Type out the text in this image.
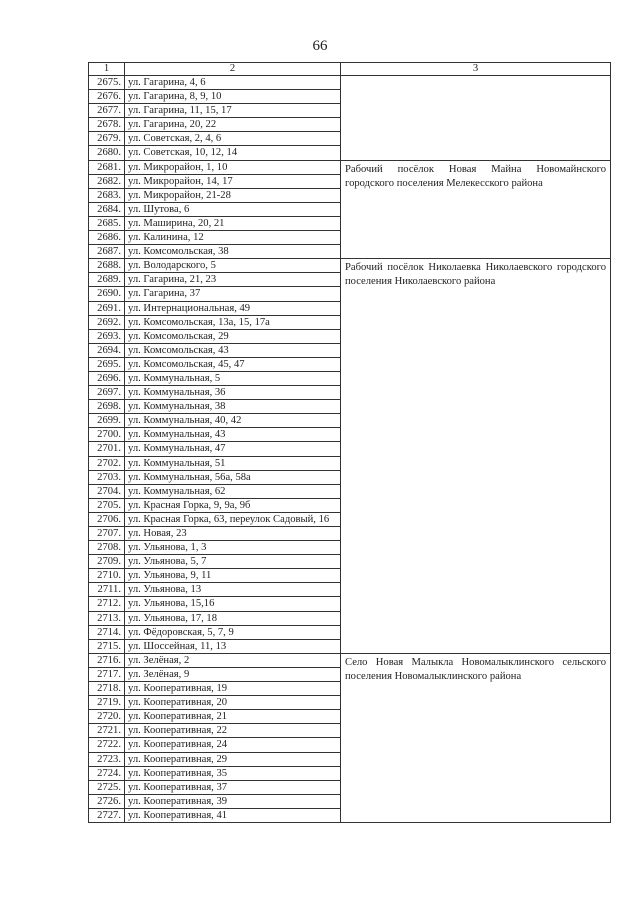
66
1	2	3
2675.	ул. Гагарина, 4, 6	
2676.	ул. Гагарина, 8, 9, 10	
2677.	ул. Гагарина, 11, 15, 17	
2678.	ул. Гагарина, 20, 22	
2679.	ул. Советская, 2, 4, 6	
2680.	ул. Советская, 10, 12, 14	
2681.	ул. Микрорайон, 1, 10	Рабочий посёлок Новая Майна Новомайнского городского поселения Мелекесского района
2682.	ул. Микрорайон, 14, 17	
2683.	ул. Микрорайон, 21-28	
2684.	ул. Шутова, 6	
2685.	ул. Маширина, 20, 21	
2686.	ул. Калинина, 12	
2687.	ул. Комсомольская, 38	
2688.	ул. Володарского, 5	Рабочий посёлок Николаевка Николаевского городского поселения Николаевского района
2689.	ул. Гагарина, 21, 23	
2690.	ул. Гагарина, 37	
2691.	ул. Интернациональная, 49	
2692.	ул. Комсомольская, 13а, 15, 17а	
2693.	ул. Комсомольская, 29	
2694.	ул. Комсомольская, 43	
2695.	ул. Комсомольская, 45, 47	
2696.	ул. Коммунальная, 5	
2697.	ул. Коммунальная, 36	
2698.	ул. Коммунальная, 38	
2699.	ул. Коммунальная, 40, 42	
2700.	ул. Коммунальная, 43	
2701.	ул. Коммунальная, 47	
2702.	ул. Коммунальная, 51	
2703.	ул. Коммунальная, 56а, 58а	
2704.	ул. Коммунальная, 62	
2705.	ул. Красная Горка, 9, 9а, 9б	
2706.	ул. Красная Горка, 63, переулок Садовый, 16	
2707.	ул. Новая, 23	
2708.	ул. Ульянова, 1, 3	
2709.	ул. Ульянова, 5, 7	
2710.	ул. Ульянова, 9, 11	
2711.	ул. Ульянова, 13	
2712.	ул. Ульянова, 15,16	
2713.	ул. Ульянова, 17, 18	
2714.	ул. Фёдоровская, 5, 7, 9	
2715.	ул. Шоссейная, 11, 13	
2716.	ул. Зелёная, 2	Село Новая Малыкла Новомалыклинского сельского поселения Новомалыклинского района
2717.	ул. Зелёная, 9	
2718.	ул. Кооперативная, 19	
2719.	ул. Кооперативная, 20	
2720.	ул. Кооперативная, 21	
2721.	ул. Кооперативная, 22	
2722.	ул. Кооперативная, 24	
2723.	ул. Кооперативная, 29	
2724.	ул. Кооперативная, 35	
2725.	ул. Кооперативная, 37	
2726.	ул. Кооперативная, 39	
2727.	ул. Кооперативная, 41	
